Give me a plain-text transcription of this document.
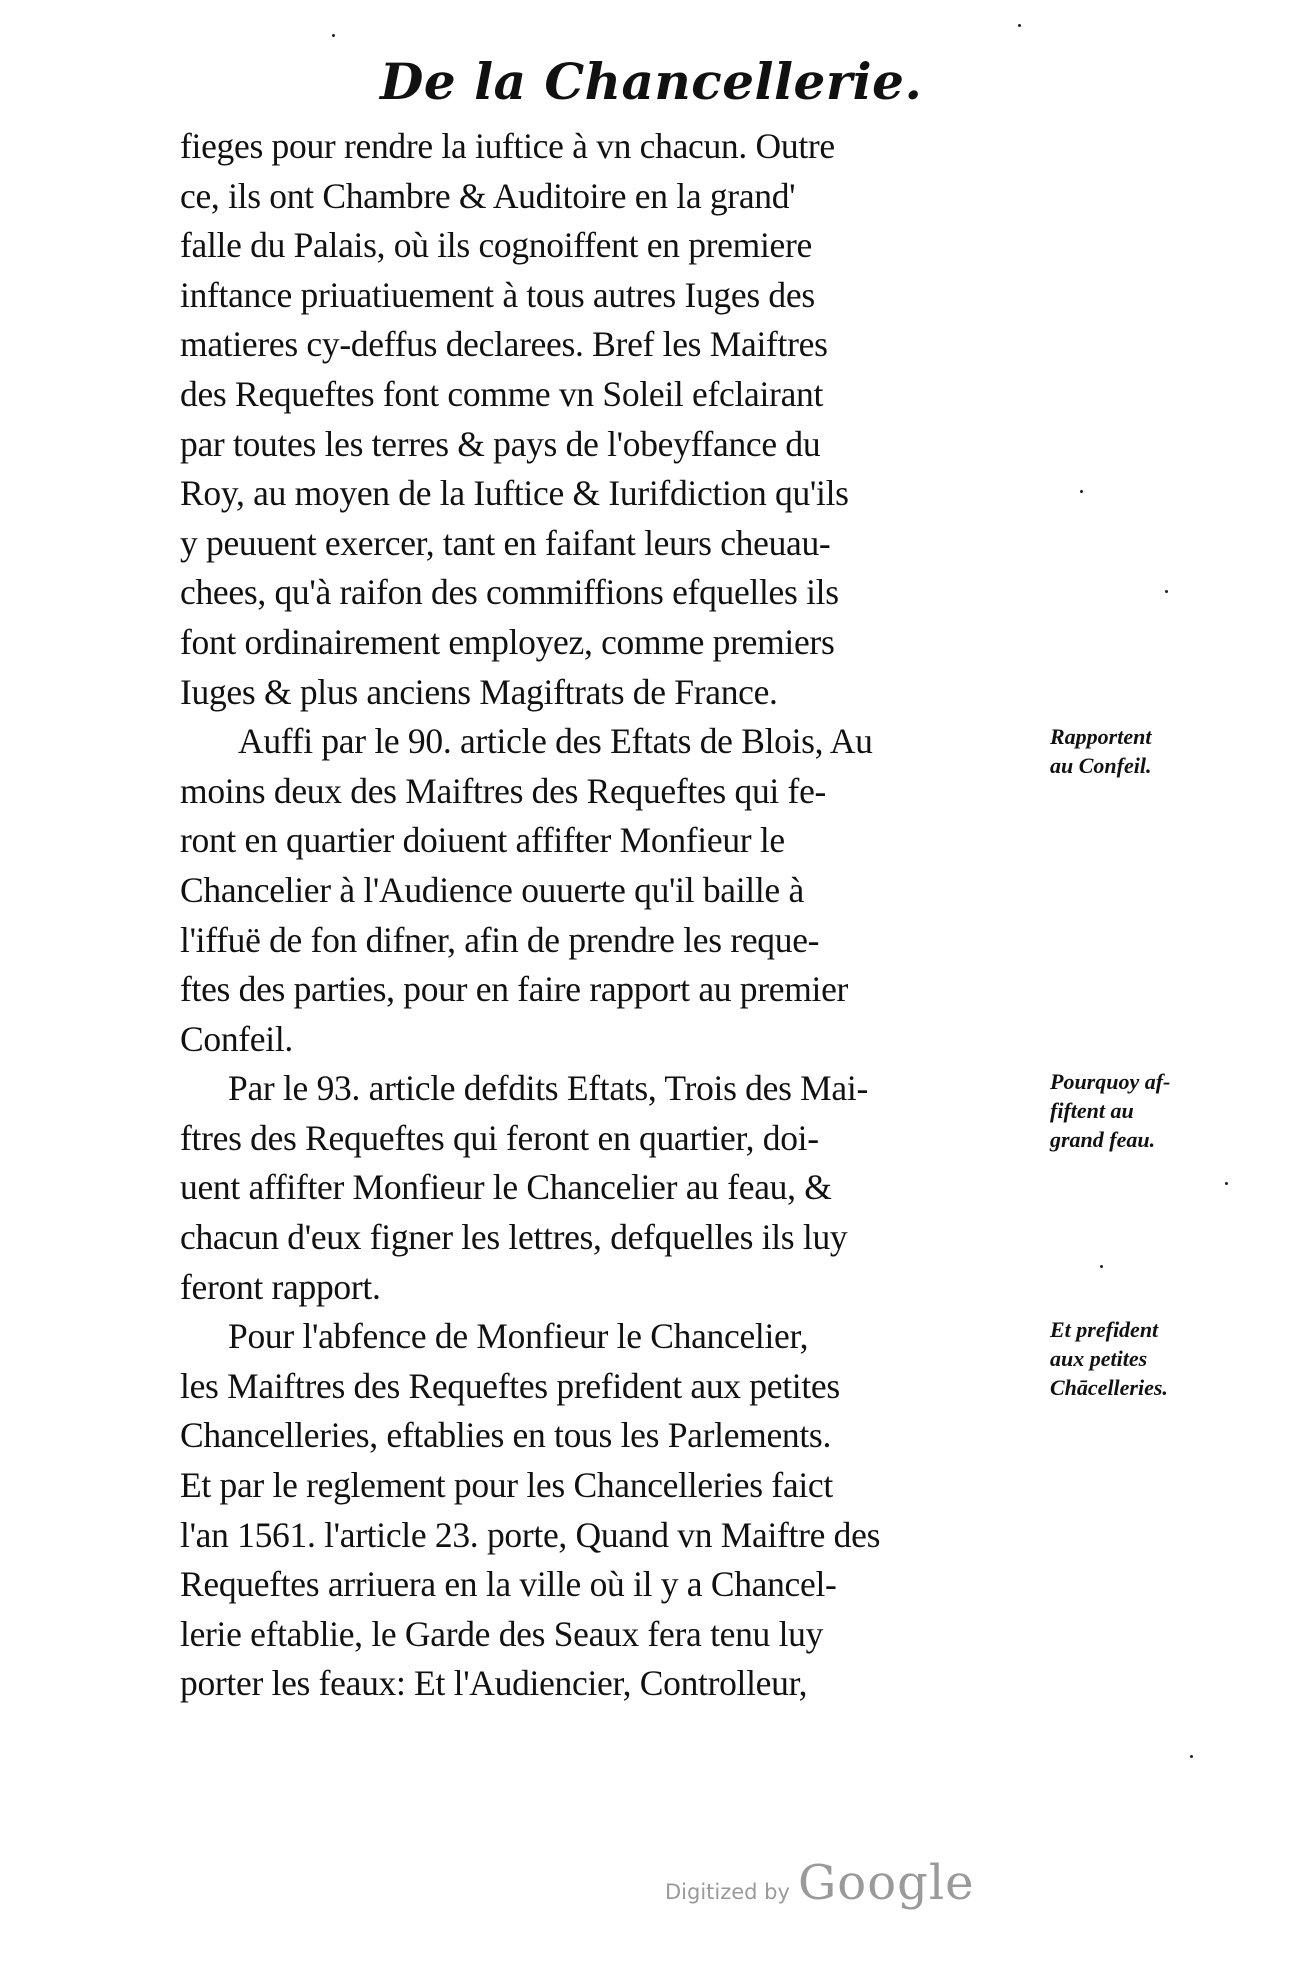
De la Chancellerie.
fieges pour rendre la iuftice à vn chacun. Outre
ce, ils ont Chambre & Auditoire en la grand'
falle du Palais, où ils cognoiffent en premiere
inftance priuatiuement à tous autres Iuges des
matieres cy-deffus declarees. Bref les Maiftres
des Requeftes font comme vn Soleil efclairant
par toutes les terres & pays de l'obeyffance du
Roy, au moyen de la Iuftice & Iurifdiction qu'ils
y peuuent exercer, tant en faifant leurs cheuau-
chees, qu'à raifon des commiffions efquelles ils
font ordinairement employez, comme premiers
Iuges & plus anciens Magiftrats de France.
Auffi par le 90. article des Eftats de Blois, Au
moins deux des Maiftres des Requeftes qui fe-
ront en quartier doiuent affifter Monfieur le
Chancelier à l'Audience ouuerte qu'il baille à
l'iffuë de fon difner, afin de prendre les reque-
ftes des parties, pour en faire rapport au premier
Confeil.
Par le 93. article defdits Eftats, Trois des Mai-
ftres des Requeftes qui feront en quartier, doi-
uent affifter Monfieur le Chancelier au feau, &
chacun d'eux figner les lettres, defquelles ils luy
feront rapport.
Pour l'abfence de Monfieur le Chancelier,
les Maiftres des Requeftes prefident aux petites
Chancelleries, eftablies en tous les Parlements.
Et par le reglement pour les Chancelleries faict
l'an 1561. l'article 23. porte, Quand vn Maiftre des
Requeftes arriuera en la ville où il y a Chancel-
lerie eftablie, le Garde des Seaux fera tenu luy
porter les feaux: Et l'Audiencier, Controlleur,
Rapportent
au Confeil.
Pourquoy af-
fiftent au
grand feau.
Et prefident
aux petites
Chācelleries.
Digitized by Google
